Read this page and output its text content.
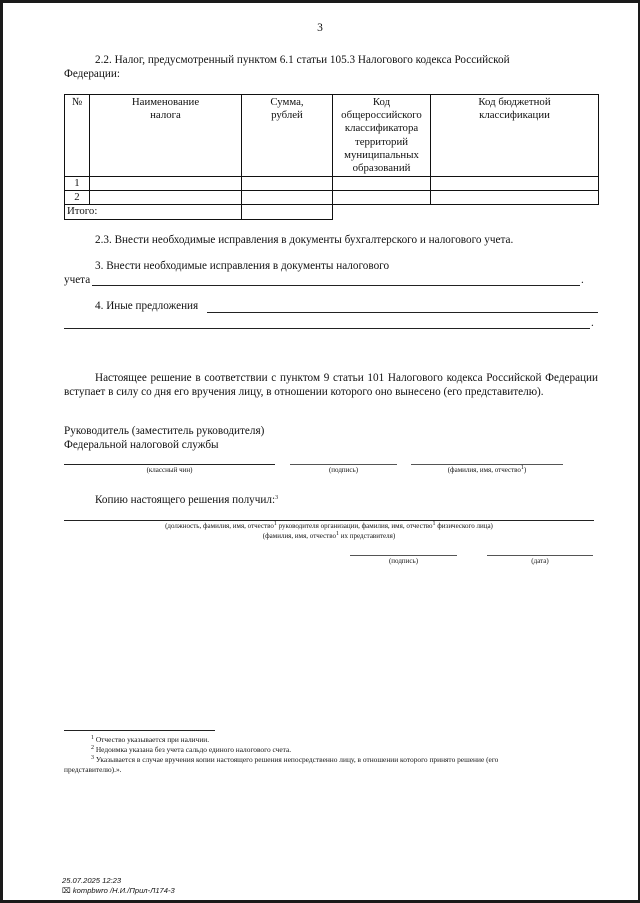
3
2.2. Налог, предусмотренный пунктом 6.1 статьи 105.3 Налогового кодекса Российской
Федерации:
№	Наименование налога	Сумма, рублей	Код общероссийского классификатора территорий муниципальных образований	Код бюджетной классификации

1				
2				
Итого:				
2.3. Внести необходимые исправления в документы бухгалтерского и налогового учета.
3. Внести необходимые исправления в документы налогового
учета	.
4. Иные предложения
.
Настоящее решение в соответствии с пунктом 9 статьи 101 Налогового кодекса Российской Федерации вступает в силу со дня его вручения лицу, в отношении которого оно вынесено (его представителю).
Руководитель (заместитель руководителя)
Федеральной налоговой службы
(классный чин)	(подпись)	(фамилия, имя, отчество$^1$)
Копию настоящего решения получил:$^3$
(должность, фамилия, имя, отчество$^1$ руководителя организации, фамилия, имя, отчество$^1$ физического лица)
(фамилия, имя, отчество$^1$ их представителя)
(подпись)	(дата)
$^1$ Отчество указывается при наличии.
$^2$ Недоимка указана без учета сальдо единого налогового счета.
$^3$ Указывается в случае вручения копии настоящего решения непосредственно лицу, в отношении которого принято решение (его
представителю).».
25.07.2025 12:23
⌧ kompbwro /Н.И./Прил-Л174-3
